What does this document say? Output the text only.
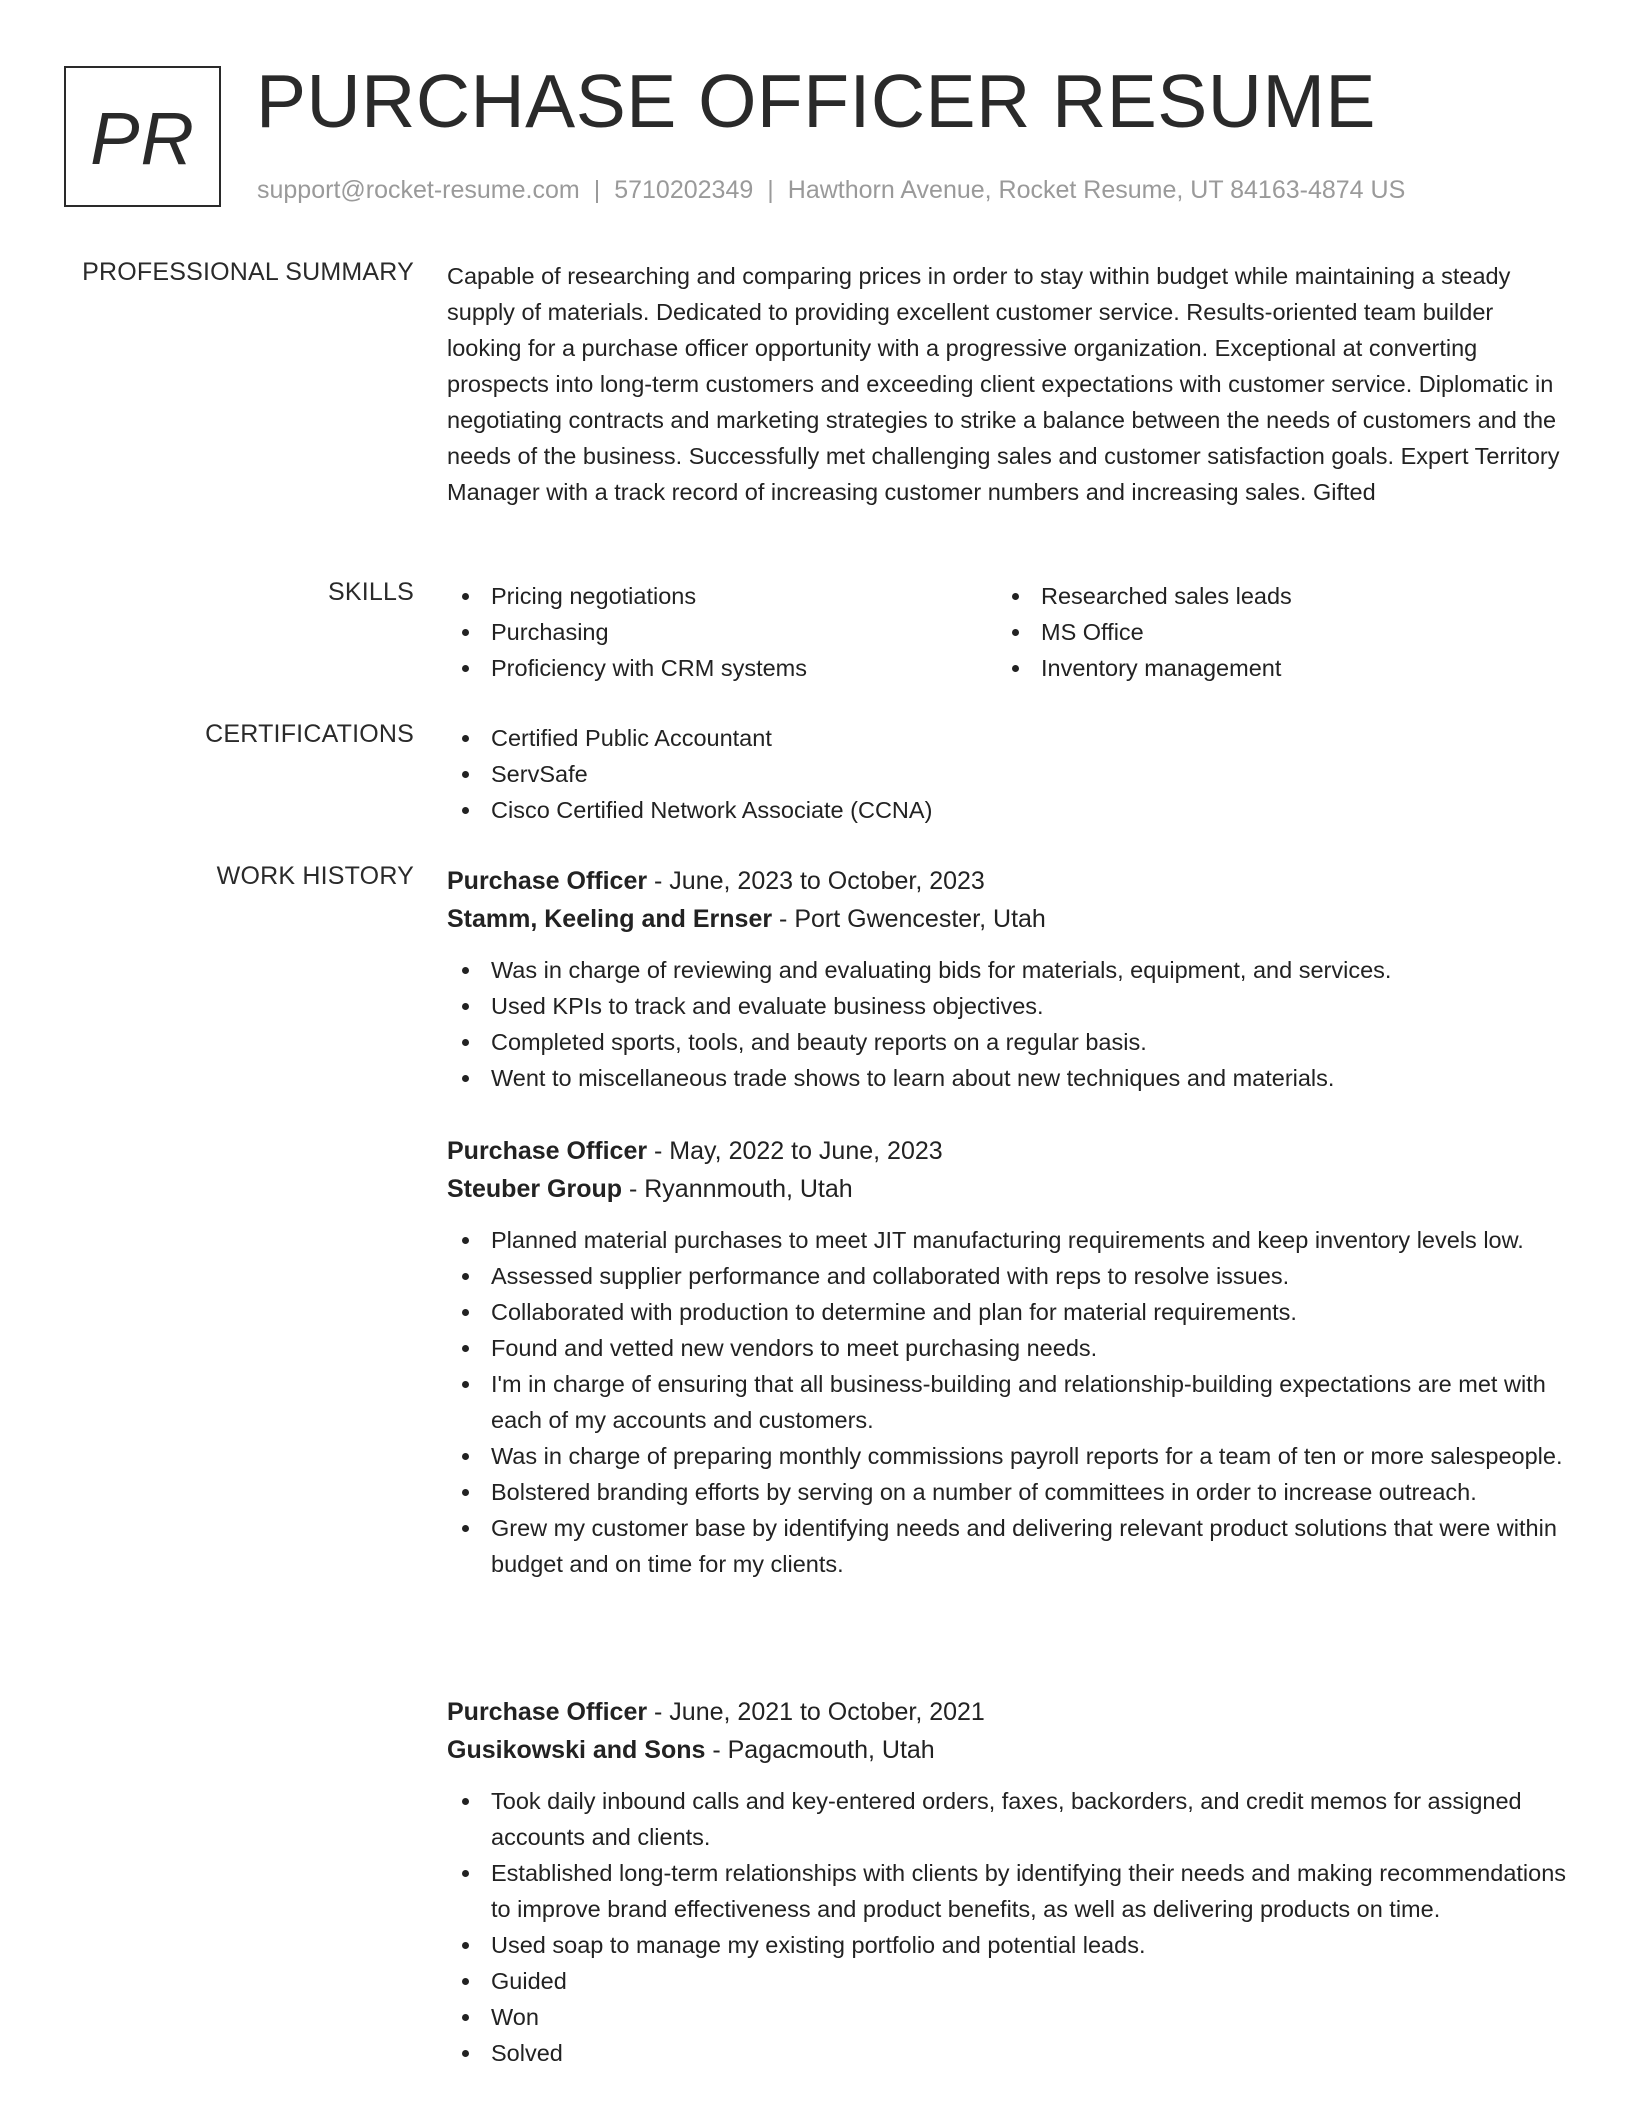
PR PURCHASE OFFICER RESUME
support@rocket-resume.com | 5710202349 | Hawthorn Avenue, Rocket Resume, UT 84163-4874 US
PROFESSIONAL SUMMARY Capable of researching and comparing prices in order to stay within budget while maintaining a steady supply of materials. Dedicated to providing excellent customer service. Results-oriented team builder looking for a purchase officer opportunity with a progressive organization. Exceptional at converting prospects into long-term customers and exceeding client expectations with customer service. Diplomatic in negotiating contracts and marketing strategies to strike a balance between the needs of customers and the needs of the business. Successfully met challenging sales and customer satisfaction goals. Expert Territory Manager with a track record of increasing customer numbers and increasing sales. Gifted

SKILLS	Pricing negotiations
Purchasing
Proficiency with CRM systems
Researched sales leads
MS Office
Inventory management
CERTIFICATIONS	Certified Public Accountant
ServSafe
Cisco Certified Network Associate (CCNA)
WORK HISTORY Purchase Officer - June, 2023 to October, 2023
Stamm, Keeling and Ernser - Port Gwencester, Utah
Was in charge of reviewing and evaluating bids for materials, equipment, and services.
Used KPIs to track and evaluate business objectives.
Completed sports, tools, and beauty reports on a regular basis.
Went to miscellaneous trade shows to learn about new techniques and materials.
Purchase Officer - May, 2022 to June, 2023
Steuber Group - Ryannmouth, Utah
Planned material purchases to meet JIT manufacturing requirements and keep inventory levels low.
Assessed supplier performance and collaborated with reps to resolve issues.
Collaborated with production to determine and plan for material requirements.
Found and vetted new vendors to meet purchasing needs.
I'm in charge of ensuring that all business-building and relationship-building expectations are met with each of my accounts and customers.
Was in charge of preparing monthly commissions payroll reports for a team of ten or more salespeople.
Bolstered branding efforts by serving on a number of committees in order to increase outreach.
Grew my customer base by identifying needs and delivering relevant product solutions that were within budget and on time for my clients.
Purchase Officer - June, 2021 to October, 2021
Gusikowski and Sons - Pagacmouth, Utah
Took daily inbound calls and key-entered orders, faxes, backorders, and credit memos for assigned accounts and clients.
Established long-term relationships with clients by identifying their needs and making recommendations to improve brand effectiveness and product benefits, as well as delivering products on time.
Used soap to manage my existing portfolio and potential leads.
Guided
Won
Solved
